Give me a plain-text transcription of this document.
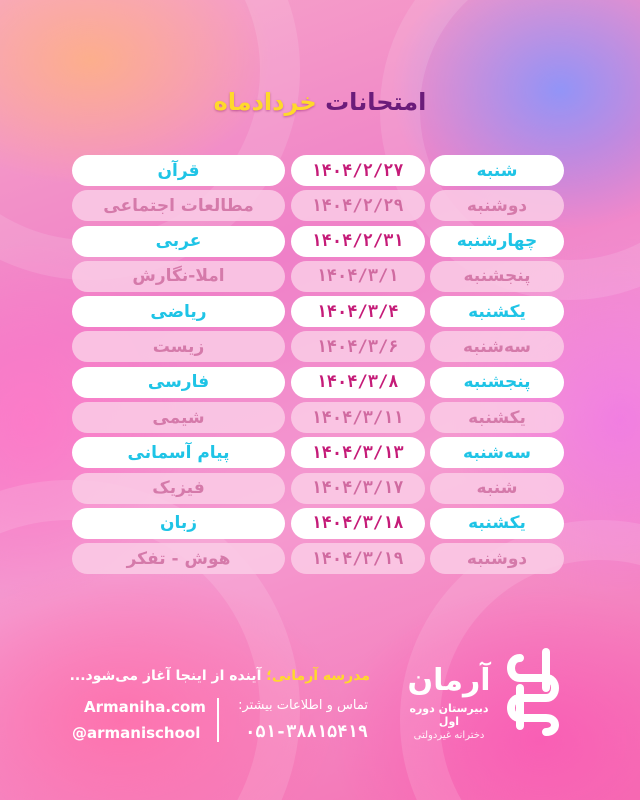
امتحانات خردادماه
قرآن	۱۴۰۴/۲/۲۷	شنبه
مطالعات اجتماعی	۱۴۰۴/۲/۲۹	دوشنبه
عربی	۱۴۰۴/۲/۳۱	چهارشنبه
املا-نگارش	۱۴۰۴/۳/۱	پنجشنبه
ریاضی	۱۴۰۴/۳/۴	یکشنبه
زیست	۱۴۰۴/۳/۶	سه‌شنبه
فارسی	۱۴۰۴/۳/۸	پنجشنبه
شیمی	۱۴۰۴/۳/۱۱	یکشنبه
پیام آسمانی	۱۴۰۴/۳/۱۳	سه‌شنبه
فیزیک	۱۴۰۴/۳/۱۷	شنبه
زبان	۱۴۰۴/۳/۱۸	یکشنبه
هوش - تفکر	۱۴۰۴/۳/۱۹	دوشنبه
مدرسه آرمانی؛ آینده از اینجا آغاز می‌شود...
تماس و اطلاعات بیشتر:
۰۵۱-۳۸۸۱۵۴۱۹
Armaniha.com
@armanischool
آرمان
دبیرستان دوره اول
دخترانه غیردولتی
